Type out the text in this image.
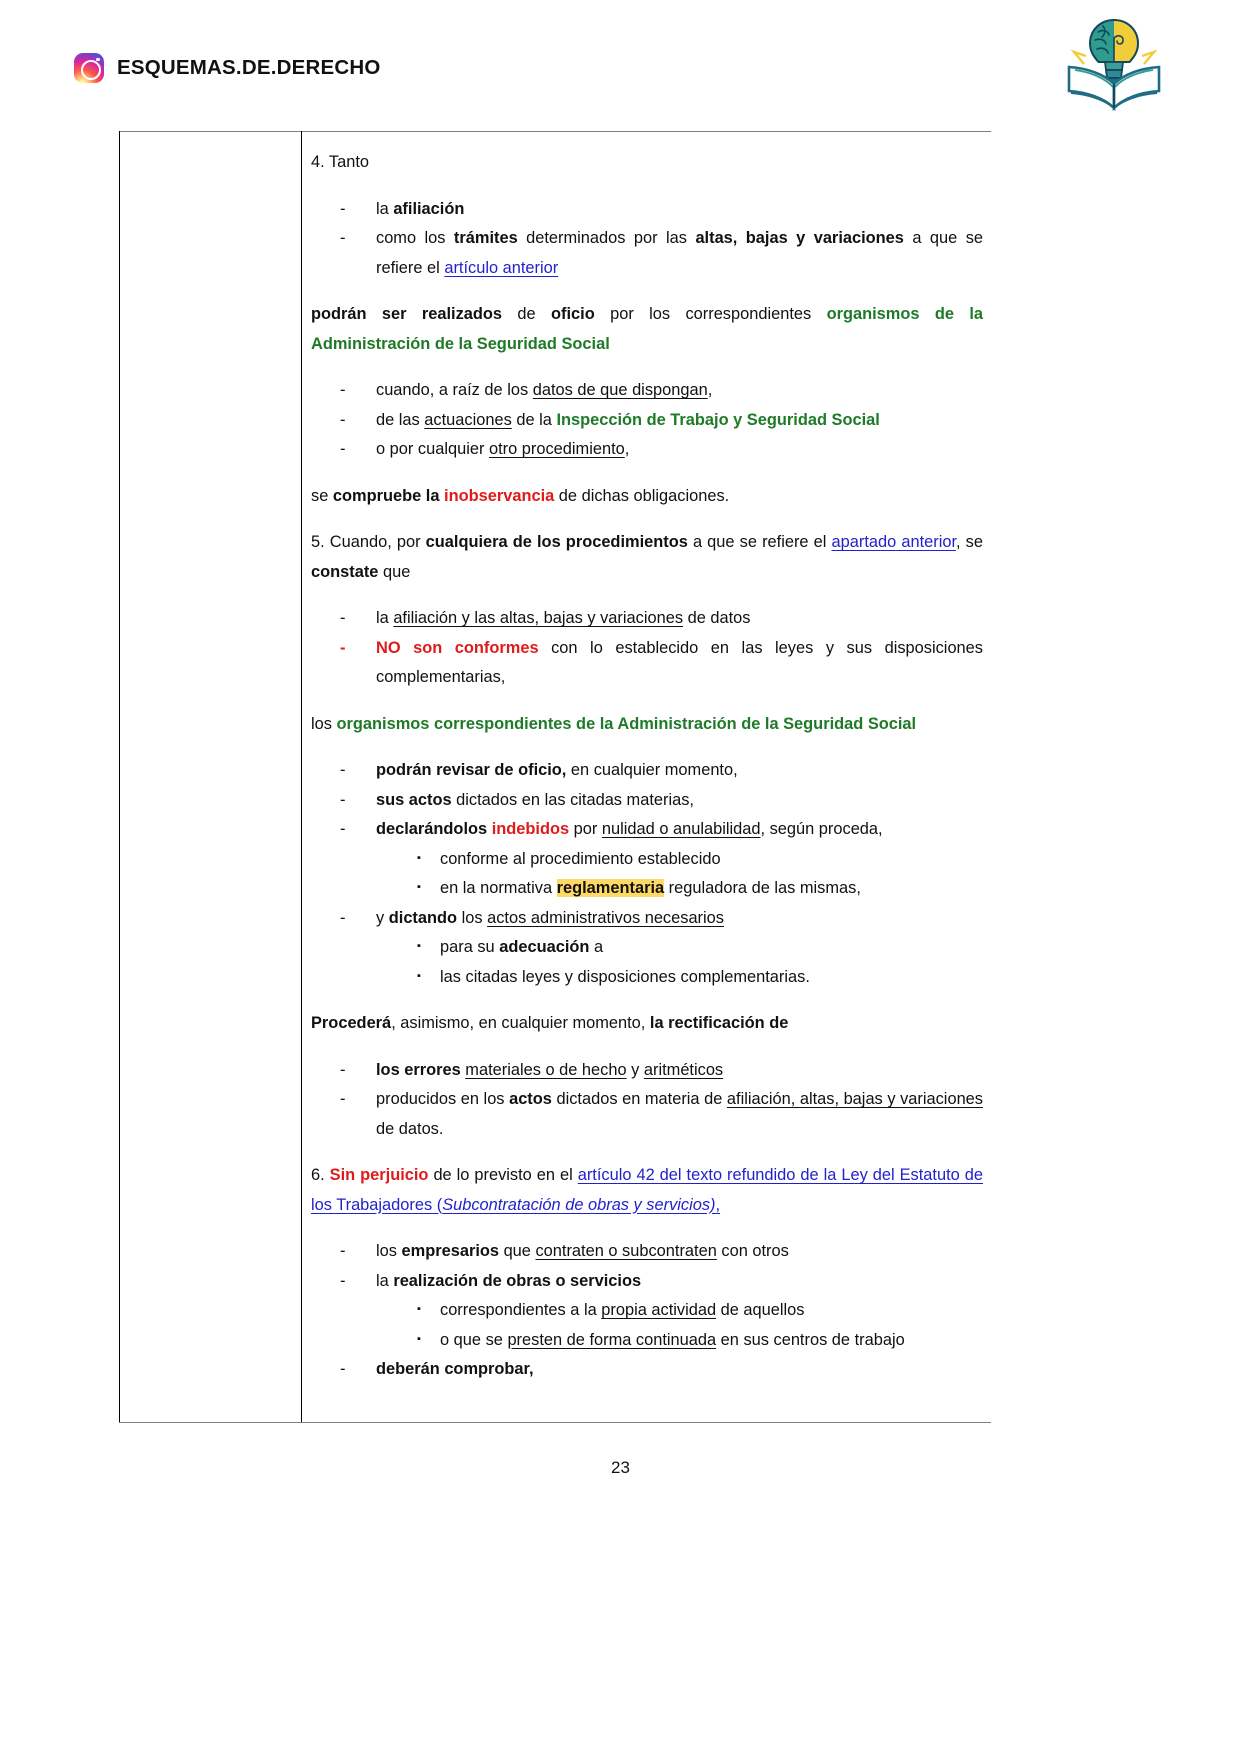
ESQUEMAS.DE.DERECHO

4. Tanto

-	la afiliación
-	como los trámites determinados por las altas, bajas y variaciones a que se refiere el artículo anterior

podrán ser realizados de oficio por los correspondientes organismos de la Administración de la Seguridad Social

-	cuando, a raíz de los datos de que dispongan,
-	de las actuaciones de la Inspección de Trabajo y Seguridad Social
-	o por cualquier otro procedimiento,

se compruebe la inobservancia de dichas obligaciones.

5. Cuando, por cualquiera de los procedimientos a que se refiere el apartado anterior, se constate que

-	la afiliación y las altas, bajas y variaciones de datos
-	NO son conformes con lo establecido en las leyes y sus disposiciones complementarias,

los organismos correspondientes de la Administración de la Seguridad Social

-	podrán revisar de oficio, en cualquier momento,
-	sus actos dictados en las citadas materias,
-	declarándolos indebidos por nulidad o anulabilidad, según proceda,
▪ conforme al procedimiento establecido
▪ en la normativa reglamentaria reguladora de las mismas,
-	y dictando los actos administrativos necesarios
▪ para su adecuación a
▪ las citadas leyes y disposiciones complementarias.

Procederá, asimismo, en cualquier momento, la rectificación de

-	los errores materiales o de hecho y aritméticos
-	producidos en los actos dictados en materia de afiliación, altas, bajas y variaciones de datos.

6. Sin perjuicio de lo previsto en el artículo 42 del texto refundido de la Ley del Estatuto de los Trabajadores (Subcontratación de obras y servicios),

-	los empresarios que contraten o subcontraten con otros
-	la realización de obras o servicios
▪ correspondientes a la propia actividad de aquellos
▪ o que se presten de forma continuada en sus centros de trabajo
-	deberán comprobar,
23
